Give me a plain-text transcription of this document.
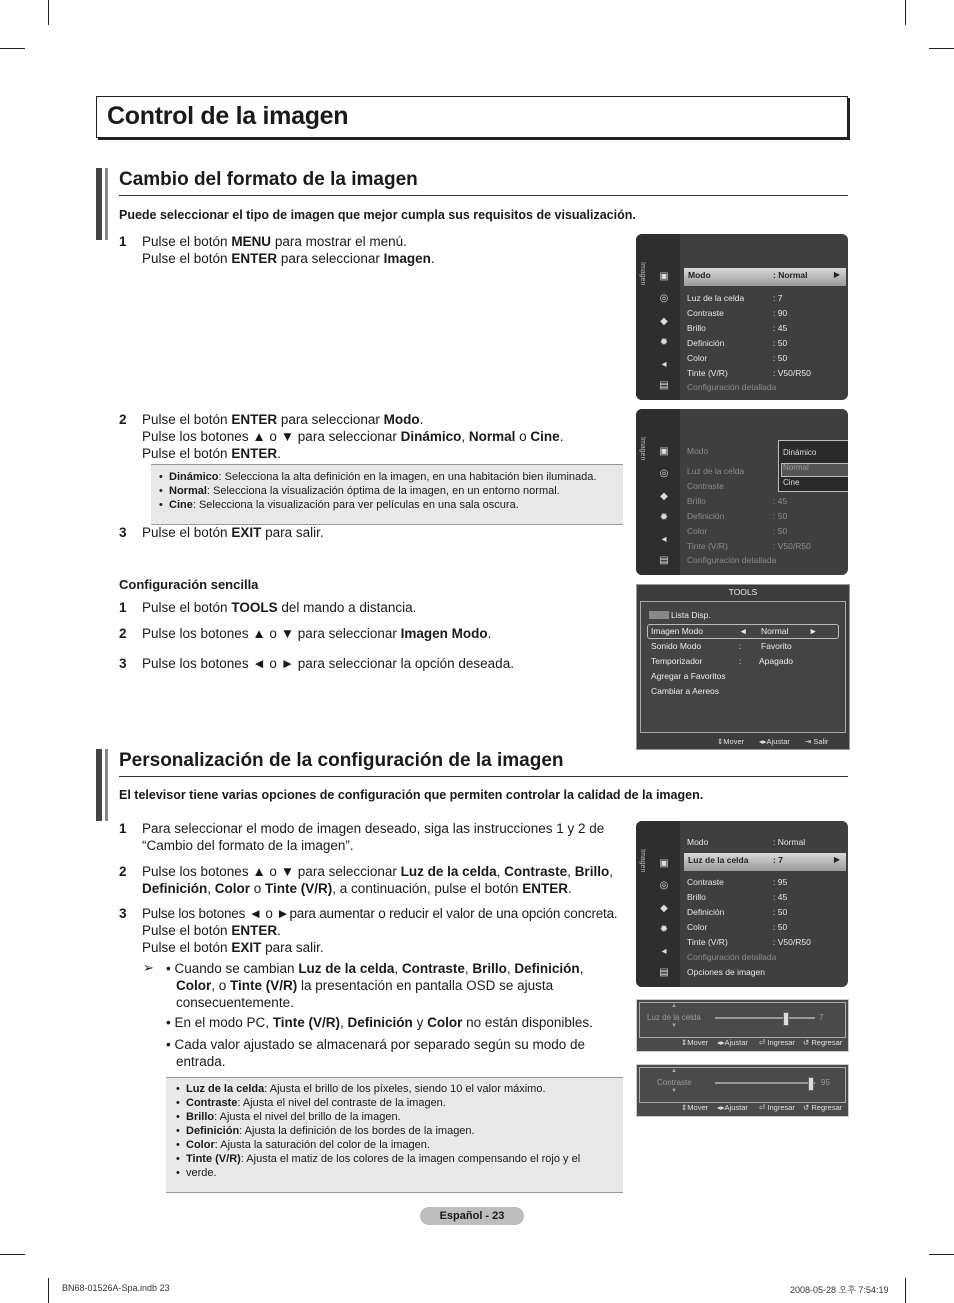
Control de la imagen
Cambio del formato de la imagen
Puede seleccionar el tipo de imagen que mejor cumpla sus requisitos de visualización.
1 Pulse el botón MENU para mostrar el menú.
Pulse el botón ENTER para seleccionar Imagen.
2 Pulse el botón ENTER para seleccionar Modo.
Pulse los botones ▲ o ▼ para seleccionar Dinámico, Normal o Cine.
Pulse el botón ENTER.
• Dinámico: Selecciona la alta definición en la imagen, en una habitación bien iluminada.
• Normal: Selecciona la visualización óptima de la imagen, en un entorno normal.
• Cine: Selecciona la visualización para ver películas en una sala oscura.
3 Pulse el botón EXIT para salir.
Configuración sencilla
1 Pulse el botón TOOLS del mando a distancia.
2 Pulse los botones ▲ o ▼ para seleccionar Imagen Modo.
3 Pulse los botones ◄ o ► para seleccionar la opción deseada.
Imagen ▣
◎
◆
✹
◂
▤
Modo	: Normal	▶
Luz de la celda	: 7
Contraste	: 90
Brillo	: 45
Definición	: 50
Color	: 50
Tinte (V/R)	: V50/R50
Configuración detallada
Imagen ▣
◎
◆
✹
◂
▤
Modo
Luz de la celda
Contraste
Brillo	: 45
Definición	: 50
Color	: 50
Tinte (V/R)	: V50/R50
Configuración detallada
Dinámico
Normal
Cine
TOOLS
Lista Disp.
Imagen Modo	◄ Normal ►
Sonido Modo	: Favorito
Temporizador	: Apagado
Agregar a Favoritos
Cambiar a Aereos
⇕Mover ◂▸Ajustar ⇥ Salir
Personalización de la configuración de la imagen
El televisor tiene varias opciones de configuración que permiten controlar la calidad de la imagen.
1 Para seleccionar el modo de imagen deseado, siga las instrucciones 1 y 2 de
“Cambio del formato de la imagen”.
2 Pulse los botones ▲ o ▼ para seleccionar Luz de la celda, Contraste, Brillo,
Definición, Color o Tinte (V/R), a continuación, pulse el botón ENTER.
3 Pulse los botones ◄ o ►para aumentar o reducir el valor de una opción concreta.
Pulse el botón ENTER.
Pulse el botón EXIT para salir.
➢ • Cuando se cambian Luz de la celda, Contraste, Brillo, Definición,
Color, o Tinte (V/R) la presentación en pantalla OSD se ajusta
consecuentemente.
• En el modo PC, Tinte (V/R), Definición y Color no están disponibles.
• Cada valor ajustado se almacenará por separado según su modo de
entrada.
• Luz de la celda: Ajusta el brillo de los píxeles, siendo 10 el valor máximo.
• Contraste: Ajusta el nivel del contraste de la imagen.
• Brillo: Ajusta el nivel del brillo de la imagen.
• Definición: Ajusta la definición de los bordes de la imagen.
• Color: Ajusta la saturación del color de la imagen.
• Tinte (V/R): Ajusta el matiz de los colores de la imagen compensando el rojo y el
• verde.
Imagen ▣
◎
◆
✹
◂
▤
Modo	: Normal
Luz de la celda	: 7	▶
Contraste	: 95
Brillo	: 45
Definición	: 50
Color	: 50
Tinte (V/R)	: V50/R50
Configuración detallada
Opciones de imagen
▲
▼
Luz de la celda	7
⇕Mover ◂▸Ajustar ⏎ Ingresar ↺ Regresar
▲
▼
Contraste	95
⇕Mover ◂▸Ajustar ⏎ Ingresar ↺ Regresar
Español - 23
BN68-01526A-Spa.indb 23	2008-05-28 오후 7:54:19
